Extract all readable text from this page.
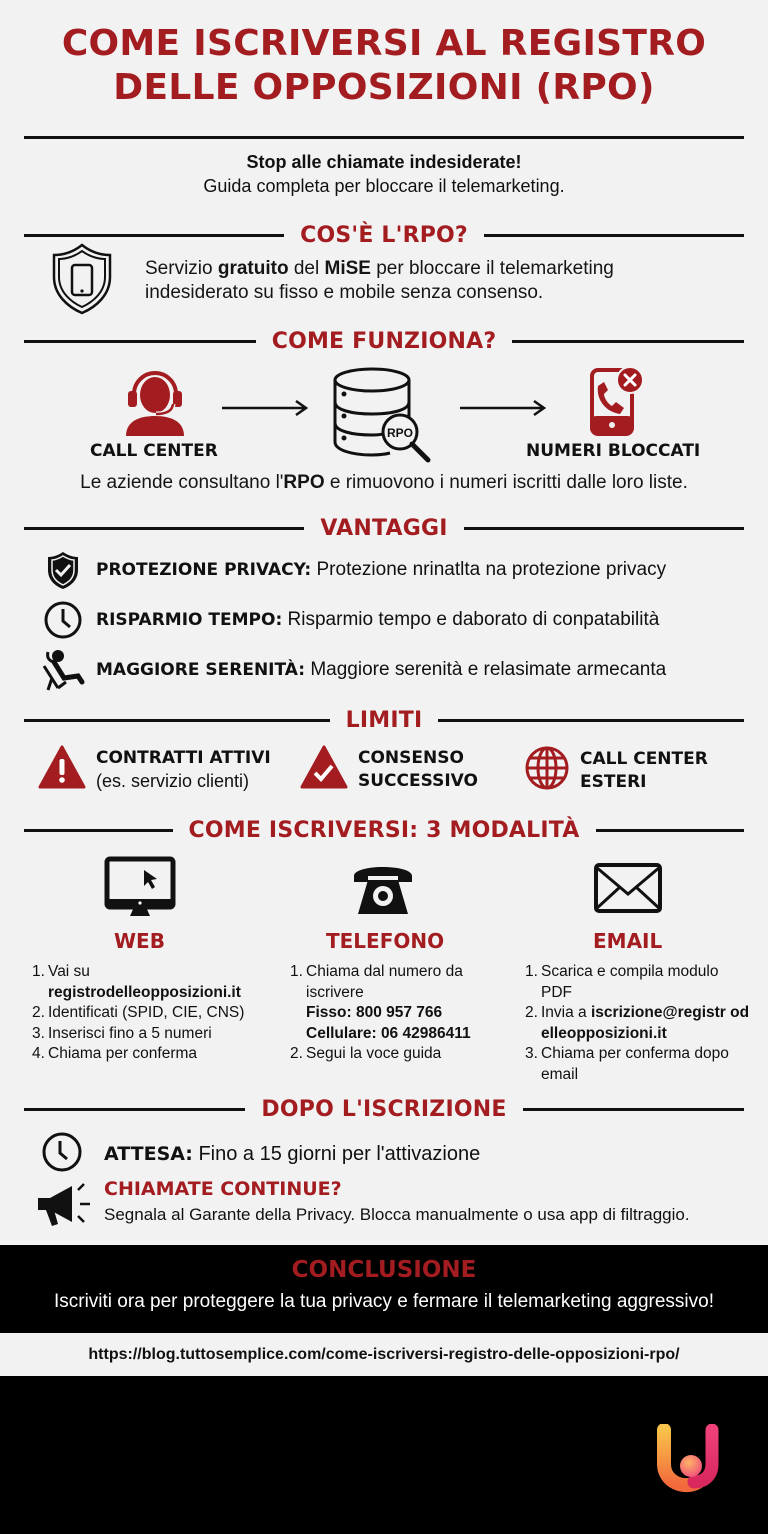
COME ISCRIVERSI AL REGISTRO
DELLE OPPOSIZIONI (RPO)
Stop alle chiamate indesiderate!
Guida completa per bloccare il telemarketing.
COS'È L'RPO?
Servizio gratuito del MiSE per bloccare il telemarketing
indesiderato su fisso e mobile senza consenso.
COME FUNZIONA?
CALL CENTER
RPO
NUMERI BLOCCATI
Le aziende consultano l'RPO e rimuovono i numeri iscritti dalle loro liste.
VANTAGGI
PROTEZIONE PRIVACY: Protezione nrinatlta na protezione privacy
RISPARMIO TEMPO: Risparmio tempo e daborato di conpatabilità
MAGGIORE SERENITÀ: Maggiore serenità e relasimate armecanta
LIMITI
CONTRATTI ATTIVI
(es. servizio clienti)
CONSENSO
SUCCESSIVO
CALL CENTER
ESTERI
COME ISCRIVERSI: 3 MODALITÀ
WEB
1. Vai su
registrodelleopposizioni.it
2. Identificati (SPID, CIE, CNS)
3. Inserisci fino a 5 numeri
4. Chiama per conferma
TELEFONO
1. Chiama dal numero da iscrivere
Fisso: 800 957 766
Cellulare: 06 42986411
2. Segui la voce guida
EMAIL
1. Scarica e compila modulo PDF
2. Invia a iscrizione@registr odelleopposizioni.it
3. Chiama per conferma dopo email
DOPO L'ISCRIZIONE
ATTESA: Fino a 15 giorni per l'attivazione
CHIAMATE CONTINUE?
Segnala al Garante della Privacy. Blocca manualmente o usa app di filtraggio.
CONCLUSIONE
Iscriviti ora per proteggere la tua privacy e fermare il telemarketing aggressivo!
https://blog.tuttosemplice.com/come-iscriversi-registro-delle-opposizioni-rpo/
